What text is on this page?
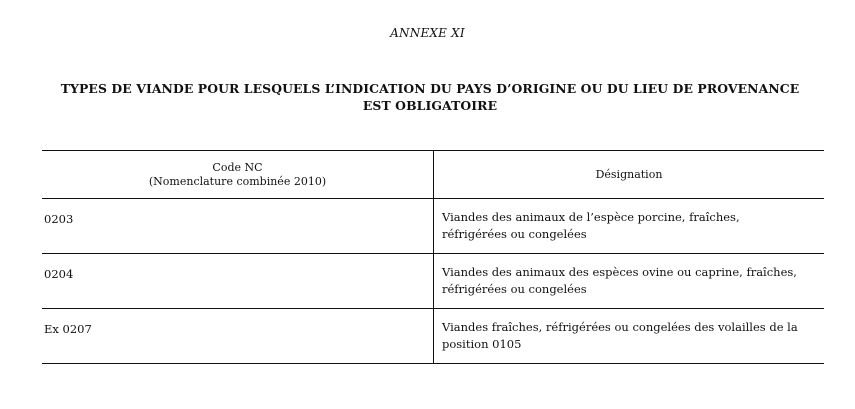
ANNEXE XI
TYPES DE VIANDE POUR LESQUELS L’INDICATION DU PAYS D’ORIGINE OU DU LIEU DE PROVENANCE
EST OBLIGATOIRE
Code NC
(Nomenclature combinée 2010)	Désignation
0203	Viandes des animaux de l’espèce porcine, fraîches,
réfrigérées ou congelées

0204	Viandes des animaux des espèces ovine ou caprine, fraîches,
réfrigérées ou congelées

Ex 0207	Viandes fraîches, réfrigérées ou congelées des volailles de la
position 0105
